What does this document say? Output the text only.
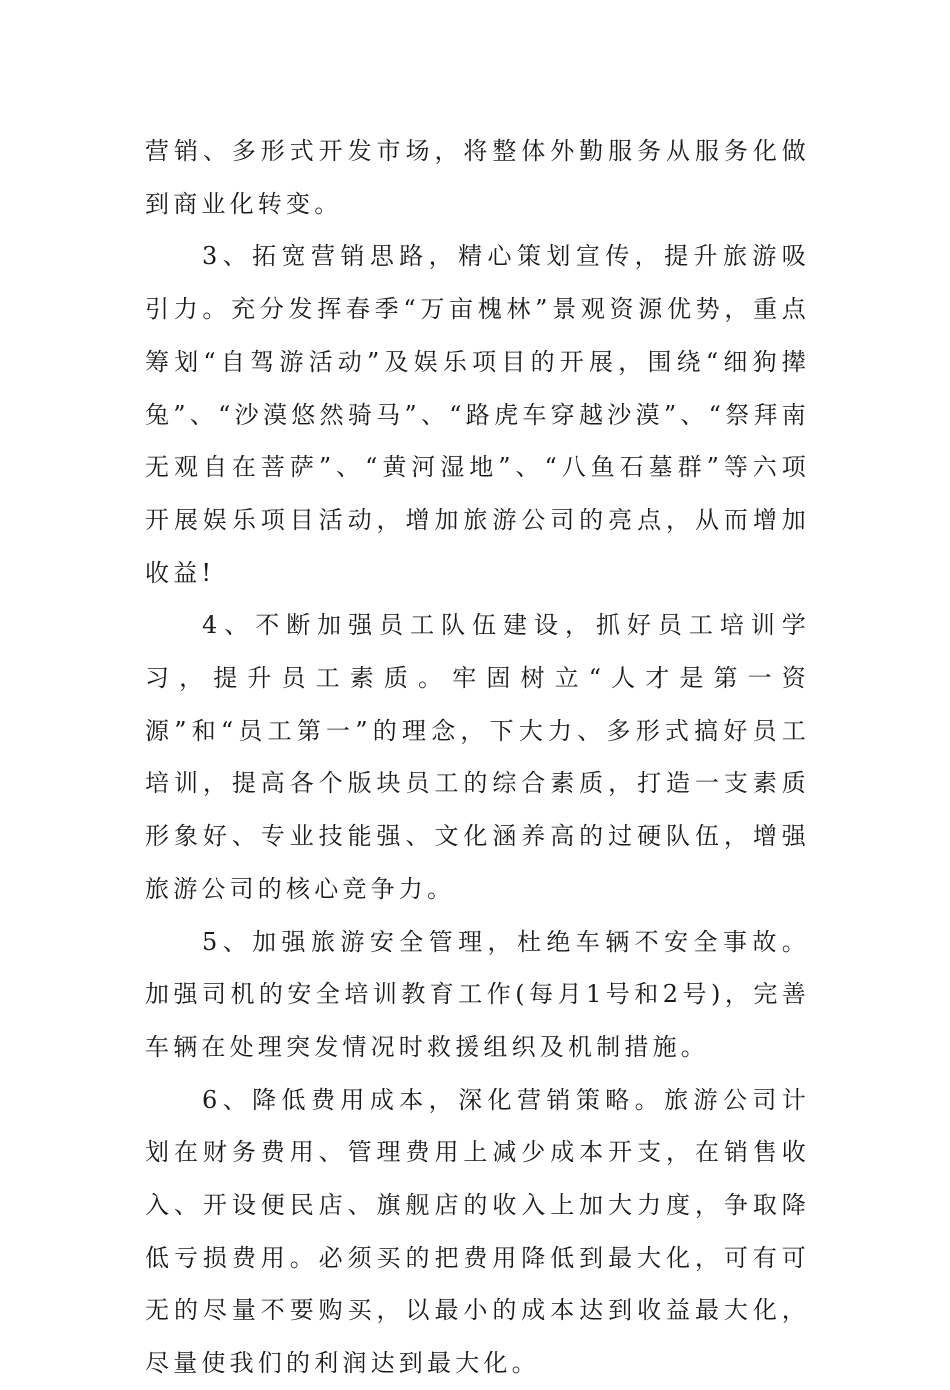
营销、多形式开发市场，将整体外勤服务从服务化做到商业化转变。

3、拓宽营销思路，精心策划宣传，提升旅游吸引力。充分发挥春季“万亩槐林”景观资源优势，重点筹划“自驾游活动”及娱乐项目的开展，围绕“细狗撵兔”、“沙漠悠然骑马”、“路虎车穿越沙漠”、“祭拜南无观自在菩萨”、“黄河湿地”、“八鱼石墓群”等六项开展娱乐项目活动，增加旅游公司的亮点，从而增加收益!

4、不断加强员工队伍建设，抓好员工培训学习，提升员工素质。牢固树立“人才是第一资源”和“员工第一”的理念，下大力、多形式搞好员工培训，提高各个版块员工的综合素质，打造一支素质形象好、专业技能强、文化涵养高的过硬队伍，增强旅游公司的核心竞争力。

5、加强旅游安全管理，杜绝车辆不安全事故。加强司机的安全培训教育工作(每月1号和2号)，完善车辆在处理突发情况时救援组织及机制措施。

6、降低费用成本，深化营销策略。旅游公司计划在财务费用、管理费用上减少成本开支，在销售收入、开设便民店、旗舰店的收入上加大力度，争取降低亏损费用。必须买的把费用降低到最大化，可有可无的尽量不要购买，以最小的成本达到收益最大化，尽量使我们的利润达到最大化。
